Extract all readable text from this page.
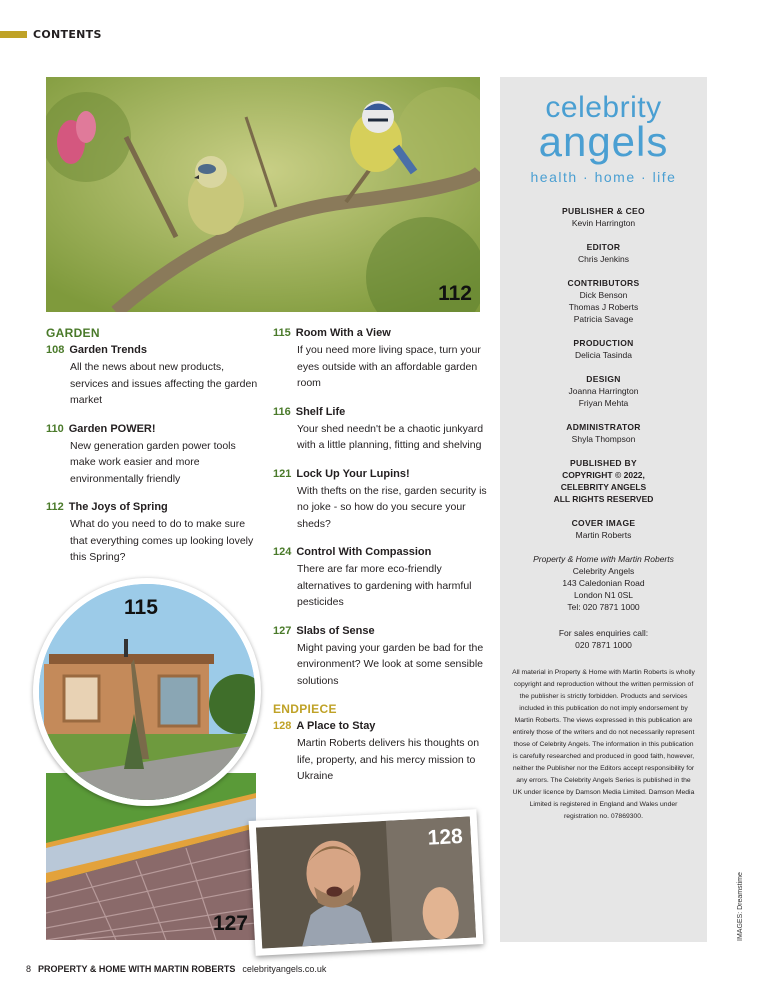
CONTENTS
112
GARDEN
108 Garden Trends
All the news about new products, services and issues affecting the garden market
110 Garden POWER!
New generation garden power tools make work easier and more environmentally friendly
112 The Joys of Spring
What do you need to do to make sure that everything comes up looking lovely this Spring?
115 Room With a View
If you need more living space, turn your eyes outside with an affordable garden room
116 Shelf Life
Your shed needn't be a chaotic junkyard with a little planning, fitting and shelving
121 Lock Up Your Lupins!
With thefts on the rise, garden security is no joke - so how do you secure your sheds?
124 Control With Compassion
There are far more eco-friendly alternatives to gardening with harmful pesticides
127 Slabs of Sense
Might paving your garden be bad for the environment? We look at some sensible solutions
ENDPIECE
128 A Place to Stay
Martin Roberts delivers his thoughts on life, property, and his mercy mission to Ukraine
127
115
128
celebrity
angels
health · home · life
PUBLISHER & CEO
Kevin Harrington
EDITOR
Chris Jenkins
CONTRIBUTORS
Dick Benson
Thomas J Roberts
Patricia Savage
PRODUCTION
Delicia Tasinda
DESIGN
Joanna Harrington
Friyan Mehta
ADMINISTRATOR
Shyla Thompson
PUBLISHED BY
COPYRIGHT © 2022,
CELEBRITY ANGELS
ALL RIGHTS RESERVED
COVER IMAGE
Martin Roberts
Property & Home with Martin Roberts
Celebrity Angels
143 Caledonian Road
London N1 0SL
Tel: 020 7871 1000
For sales enquiries call:
020 7871 1000
All material in Property & Home with Martin Roberts is wholly copyright and reproduction without the written permission of the publisher is strictly forbidden. Products and services included in this publication do not imply endorsement by Martin Roberts. The views expressed in this publication are entirely those of the writers and do not necessarily represent those of Celebrity Angels. The information in this publication is carefully researched and produced in good faith, however, neither the Publisher nor the Editors accept responsibility for any errors. The Celebrity Angels Series is published in the UK under licence by Damson Media Limited. Damson Media Limited is registered in England and Wales under registration no. 07869300.
8 PROPERTY & HOME WITH MARTIN ROBERTS celebrityangels.co.uk
IMAGES: Dreamstime
